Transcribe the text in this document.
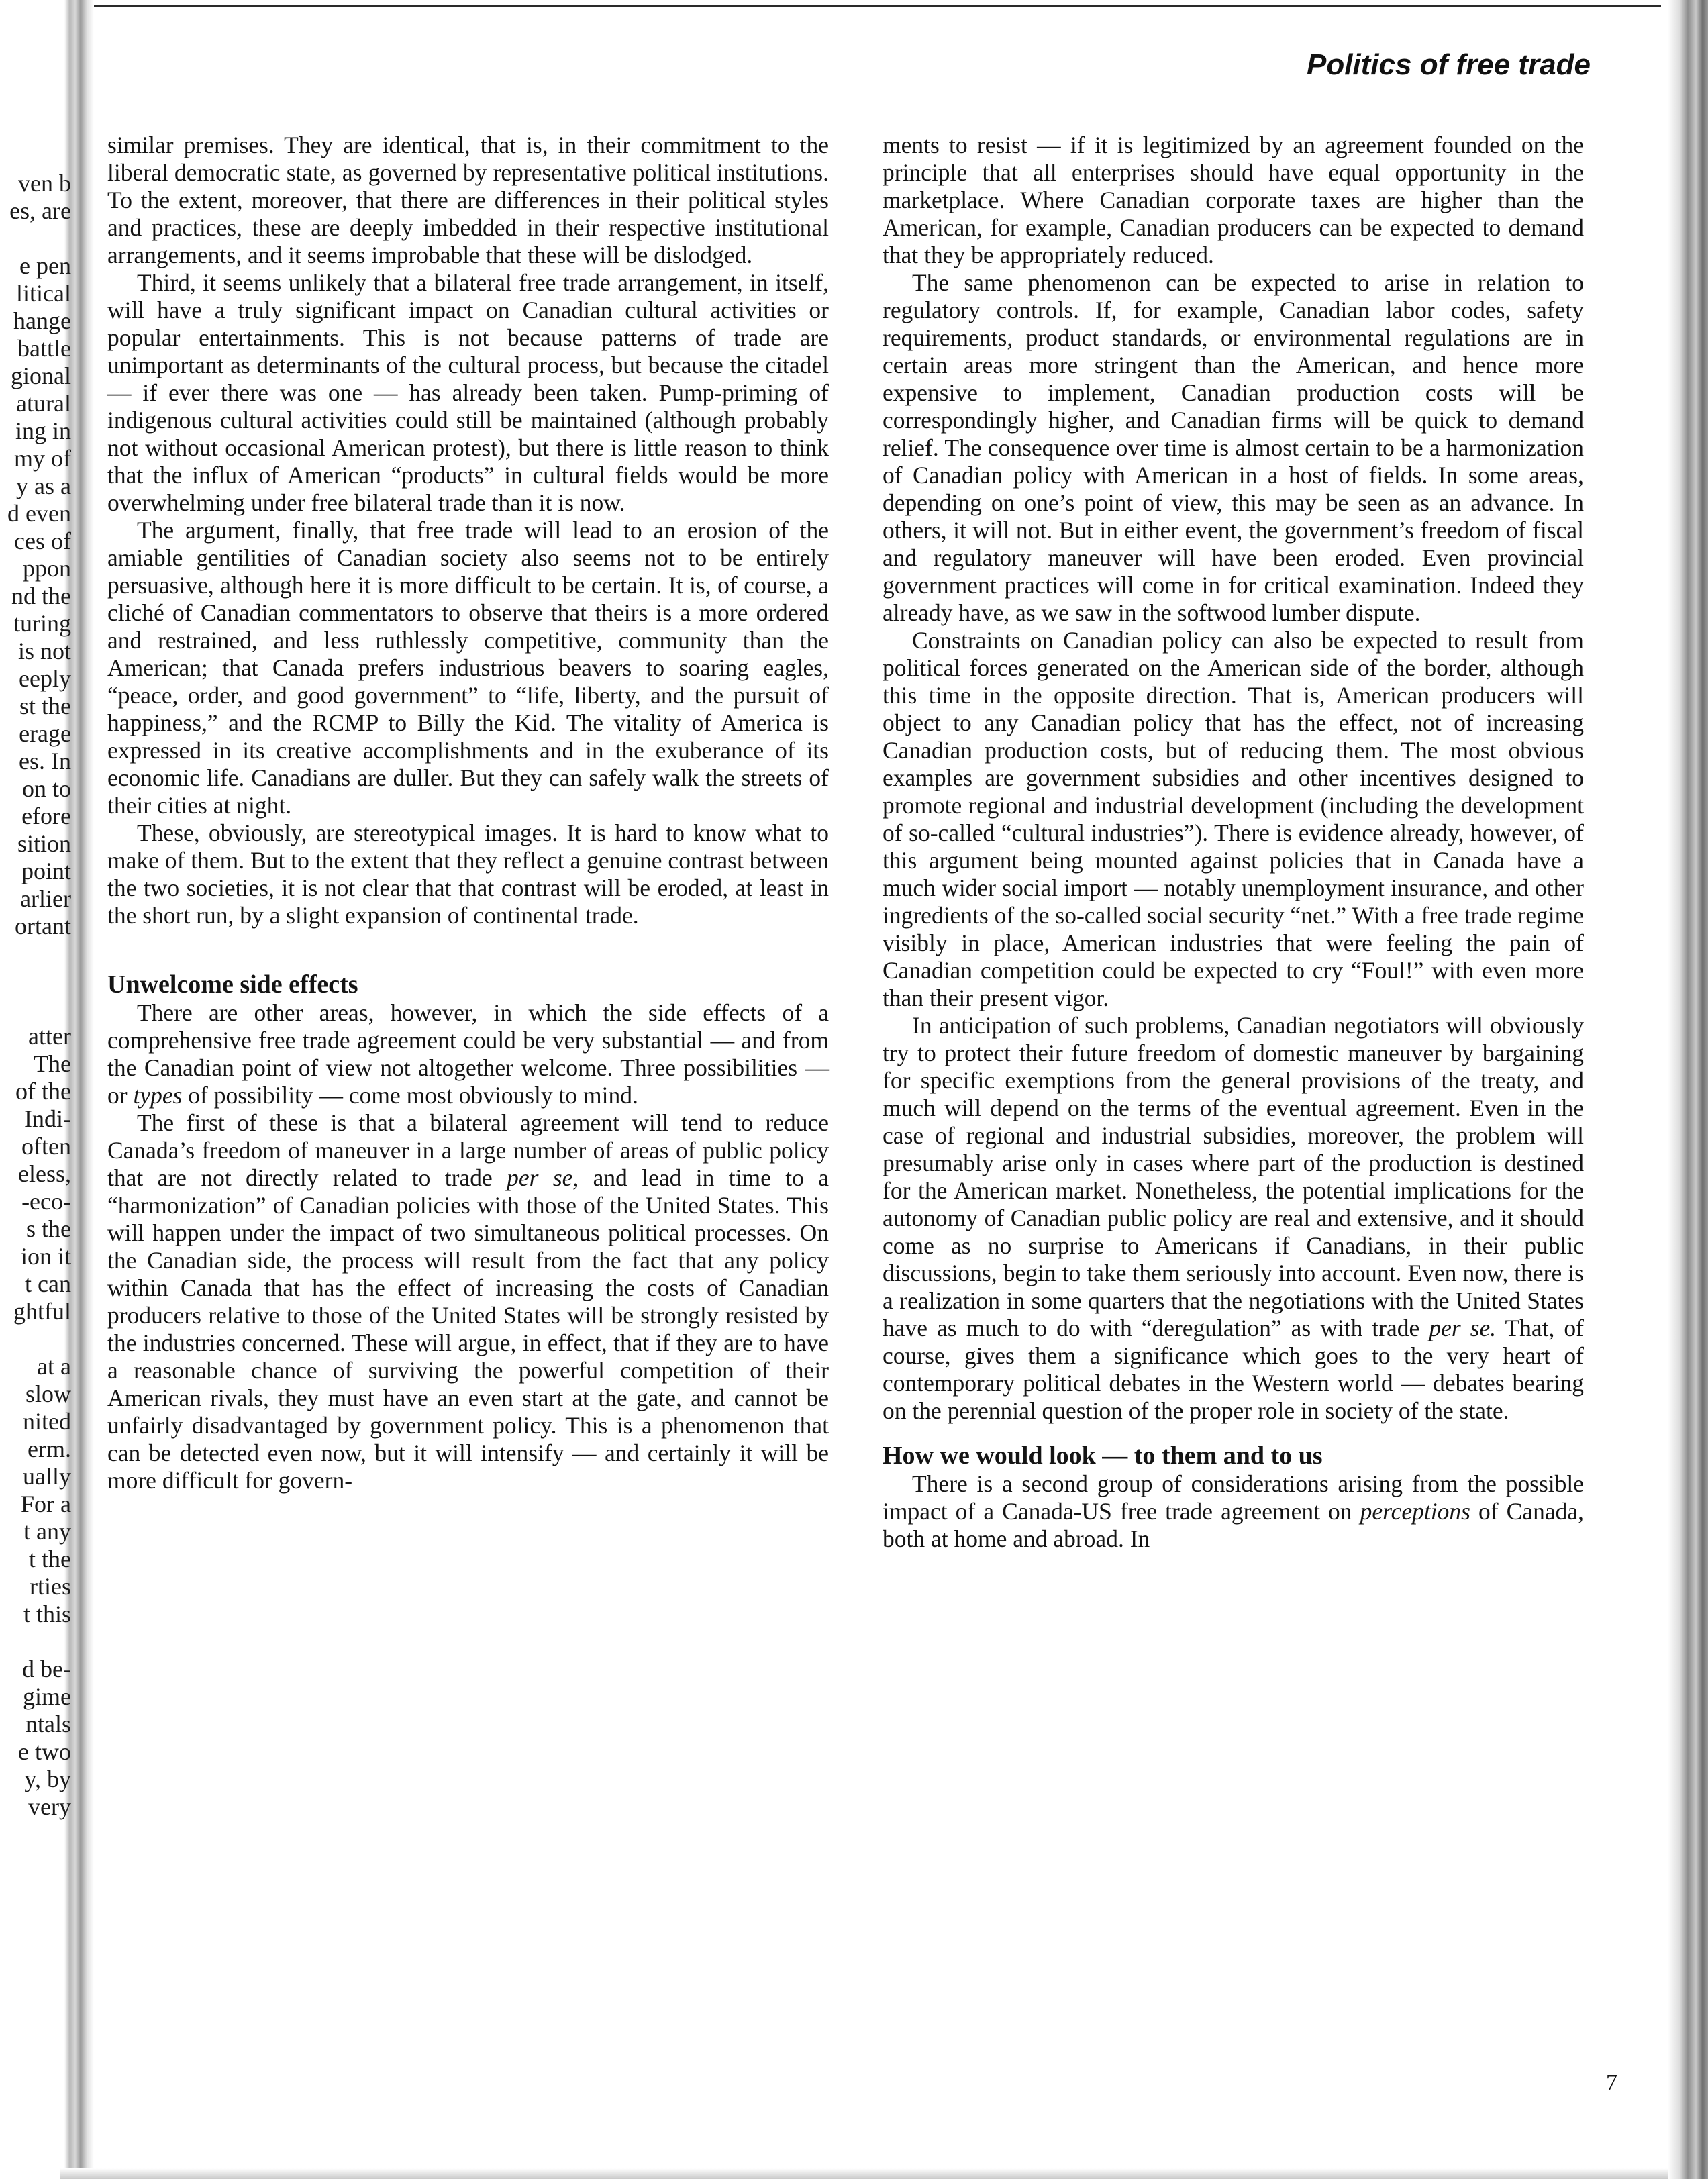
ven b
es, are
e pen
litical
hange
battle
gional
atural
ing in
my of
y as a
d even
ces of
ppon
nd the
turing
is not
eeply
st the
erage
es. In
on to
efore
sition
point
arlier
ortant
atter
The
of the
Indi-
often
eless,
-eco-
s the
ion it
t can
ghtful
at a
slow
nited
erm.
ually
For a
t any
t the
rties
t this
d be-
gime
ntals
e two
y, by
very
Politics of free trade

similar premises. They are identical, that is, in their commitment to the liberal democratic state, as governed by representative political institutions. To the extent, moreover, that there are differences in their political styles and practices, these are deeply imbedded in their respective institutional arrangements, and it seems improbable that these will be dislodged.

Third, it seems unlikely that a bilateral free trade arrangement, in itself, will have a truly significant impact on Canadian cultural activities or popular entertainments. This is not because patterns of trade are unimportant as determinants of the cultural process, but because the citadel — if ever there was one — has already been taken. Pump-priming of indigenous cultural activities could still be maintained (although probably not without occasional American protest), but there is little reason to think that the influx of American “products” in cultural fields would be more overwhelming under free bilateral trade than it is now.

The argument, finally, that free trade will lead to an erosion of the amiable gentilities of Canadian society also seems not to be entirely persuasive, although here it is more difficult to be certain. It is, of course, a cliché of Canadian commentators to observe that theirs is a more ordered and restrained, and less ruthlessly competitive, community than the American; that Canada prefers industrious beavers to soaring eagles, “peace, order, and good government” to “life, liberty, and the pursuit of happiness,” and the RCMP to Billy the Kid. The vitality of America is expressed in its creative accomplishments and in the exuberance of its economic life. Canadians are duller. But they can safely walk the streets of their cities at night.

These, obviously, are stereotypical images. It is hard to know what to make of them. But to the extent that they reflect a genuine contrast between the two societies, it is not clear that that contrast will be eroded, at least in the short run, by a slight expansion of continental trade.

Unwelcome side effects

There are other areas, however, in which the side effects of a comprehensive free trade agreement could be very substantial — and from the Canadian point of view not altogether welcome. Three possibilities — or types of possibility — come most obviously to mind.

The first of these is that a bilateral agreement will tend to reduce Canada’s freedom of maneuver in a large number of areas of public policy that are not directly related to trade per se, and lead in time to a “harmonization” of Canadian policies with those of the United States. This will happen under the impact of two simultaneous political processes. On the Canadian side, the process will result from the fact that any policy within Canada that has the effect of increasing the costs of Canadian producers relative to those of the United States will be strongly resisted by the industries concerned. These will argue, in effect, that if they are to have a reasonable chance of surviving the powerful competition of their American rivals, they must have an even start at the gate, and cannot be unfairly disadvantaged by government policy. This is a phenomenon that can be detected even now, but it will intensify — and certainly it will be more difficult for govern-

ments to resist — if it is legitimized by an agreement founded on the principle that all enterprises should have equal opportunity in the marketplace. Where Canadian corporate taxes are higher than the American, for example, Canadian producers can be expected to demand that they be appropriately reduced.

The same phenomenon can be expected to arise in relation to regulatory controls. If, for example, Canadian labor codes, safety requirements, product standards, or environmental regulations are in certain areas more stringent than the American, and hence more expensive to implement, Canadian production costs will be correspondingly higher, and Canadian firms will be quick to demand relief. The consequence over time is almost certain to be a harmonization of Canadian policy with American in a host of fields. In some areas, depending on one’s point of view, this may be seen as an advance. In others, it will not. But in either event, the government’s freedom of fiscal and regulatory maneuver will have been eroded. Even provincial government practices will come in for critical examination. Indeed they already have, as we saw in the softwood lumber dispute.

Constraints on Canadian policy can also be expected to result from political forces generated on the American side of the border, although this time in the opposite direction. That is, American producers will object to any Canadian policy that has the effect, not of increasing Canadian production costs, but of reducing them. The most obvious examples are government subsidies and other incentives designed to promote regional and industrial development (including the development of so-called “cultural industries”). There is evidence already, however, of this argument being mounted against policies that in Canada have a much wider social import — notably unemployment insurance, and other ingredients of the so-called social security “net.” With a free trade regime visibly in place, American industries that were feeling the pain of Canadian competition could be expected to cry “Foul!” with even more than their present vigor.

In anticipation of such problems, Canadian negotiators will obviously try to protect their future freedom of domestic maneuver by bargaining for specific exemptions from the general provisions of the treaty, and much will depend on the terms of the eventual agreement. Even in the case of regional and industrial subsidies, moreover, the problem will presumably arise only in cases where part of the production is destined for the American market. Nonetheless, the potential implications for the autonomy of Canadian public policy are real and extensive, and it should come as no surprise to Americans if Canadians, in their public discussions, begin to take them seriously into account. Even now, there is a realization in some quarters that the negotiations with the United States have as much to do with “deregulation” as with trade per se. That, of course, gives them a significance which goes to the very heart of contemporary political debates in the Western world — debates bearing on the perennial question of the proper role in society of the state.

How we would look — to them and to us

There is a second group of considerations arising from the possible impact of a Canada-US free trade agreement on perceptions of Canada, both at home and abroad. In

7
